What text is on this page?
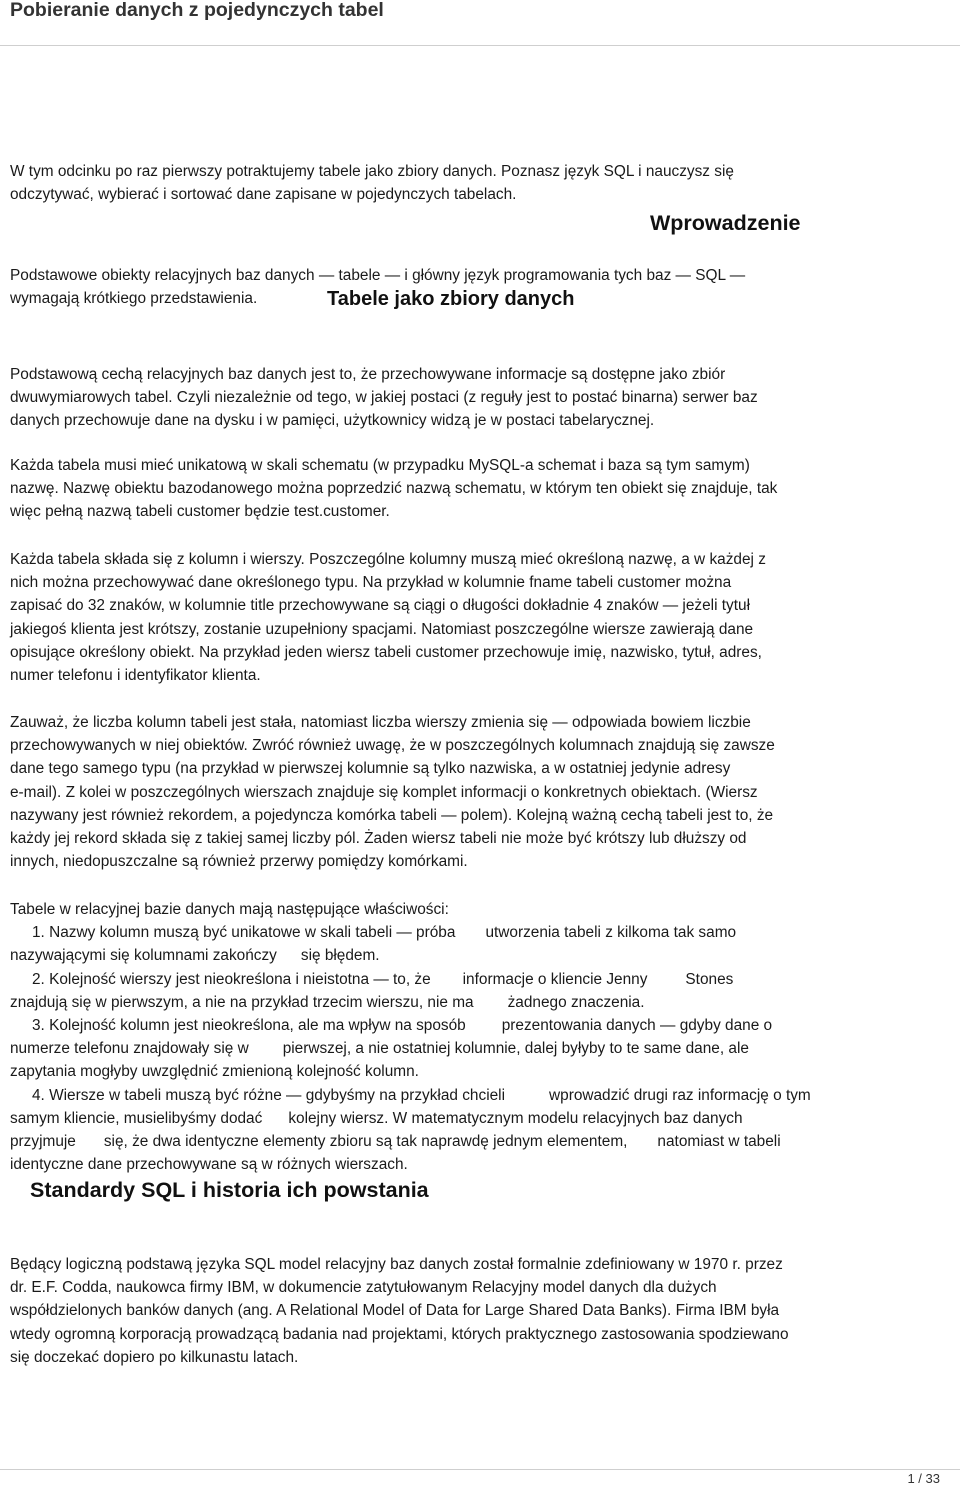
Pobieranie danych z pojedynczych tabel

W tym odcinku po raz pierwszy potraktujemy tabele jako zbiory danych. Poznasz język SQL i nauczysz się
odczytywać, wybierać i sortować dane zapisane w pojedynczych tabelach.

Wprowadzenie

Podstawowe obiekty relacyjnych baz danych — tabele — i główny język programowania tych baz — SQL —
wymagają krótkiego przedstawienia.	Tabele jako zbiory danych

Podstawową cechą relacyjnych baz danych jest to, że przechowywane informacje są dostępne jako zbiór
dwuwymiarowych tabel. Czyli niezależnie od tego, w jakiej postaci (z reguły jest to postać binarna) serwer baz
danych przechowuje dane na dysku i w pamięci, użytkownicy widzą je w postaci tabelarycznej.

Każda tabela musi mieć unikatową w skali schematu (w przypadku MySQL-a schemat i baza są tym samym)
nazwę. Nazwę obiektu bazodanowego można poprzedzić nazwą schematu, w którym ten obiekt się znajduje, tak
więc pełną nazwą tabeli customer będzie test.customer.

Każda tabela składa się z kolumn i wierszy. Poszczególne kolumny muszą mieć określoną nazwę, a w każdej z
nich można przechowywać dane określonego typu. Na przykład w kolumnie fname tabeli customer można
zapisać do 32 znaków, w kolumnie title przechowywane są ciągi o długości dokładnie 4 znaków — jeżeli tytuł
jakiegoś klienta jest krótszy, zostanie uzupełniony spacjami. Natomiast poszczególne wiersze zawierają dane
opisujące określony obiekt. Na przykład jeden wiersz tabeli customer przechowuje imię, nazwisko, tytuł, adres,
numer telefonu i identyfikator klienta.

Zauważ, że liczba kolumn tabeli jest stała, natomiast liczba wierszy zmienia się — odpowiada bowiem liczbie
przechowywanych w niej obiektów. Zwróć również uwagę, że w poszczególnych kolumnach znajdują się zawsze
dane tego samego typu (na przykład w pierwszej kolumnie są tylko nazwiska, a w ostatniej jedynie adresy
e-mail). Z kolei w poszczególnych wierszach znajduje się komplet informacji o konkretnych obiektach. (Wiersz
nazywany jest również rekordem, a pojedyncza komórka tabeli — polem). Kolejną ważną cechą tabeli jest to, że
każdy jej rekord składa się z takiej samej liczby pól. Żaden wiersz tabeli nie może być krótszy lub dłuższy od
innych, niedopuszczalne są również przerwy pomiędzy komórkami.

Tabele w relacyjnej bazie danych mają następujące właściwości:
1. Nazwy kolumn muszą być unikatowe w skali tabeli — próba utworzenia tabeli z kilkoma tak samo
nazywającymi się kolumnami zakończy się błędem.
2. Kolejność wierszy jest nieokreślona i nieistotna — to, że informacje o kliencie Jenny Stones
znajdują się w pierwszym, a nie na przykład trzecim wierszu, nie ma żadnego znaczenia.
3. Kolejność kolumn jest nieokreślona, ale ma wpływ na sposób prezentowania danych — gdyby dane o
numerze telefonu znajdowały się w pierwszej, a nie ostatniej kolumnie, dalej byłyby to te same dane, ale
zapytania mogłyby uwzględnić zmienioną kolejność kolumn.
4. Wiersze w tabeli muszą być różne — gdybyśmy na przykład chcieli	wprowadzić drugi raz informację o tym
samym kliencie, musielibyśmy dodać kolejny wiersz. W matematycznym modelu relacyjnych baz danych
przyjmuje się, że dwa identyczne elementy zbioru są tak naprawdę jednym elementem, natomiast w tabeli
identyczne dane przechowywane są w różnych wierszach.

Standardy SQL i historia ich powstania

Będący logiczną podstawą języka SQL model relacyjny baz danych został formalnie zdefiniowany w 1970 r. przez
dr. E.F. Codda, naukowca firmy IBM, w dokumencie zatytułowanym Relacyjny model danych dla dużych
współdzielonych banków danych (ang. A Relational Model of Data for Large Shared Data Banks). Firma IBM była
wtedy ogromną korporacją prowadzącą badania nad projektami, których praktycznego zastosowania spodziewano
się doczekać dopiero po kilkunastu latach.

1 / 33
